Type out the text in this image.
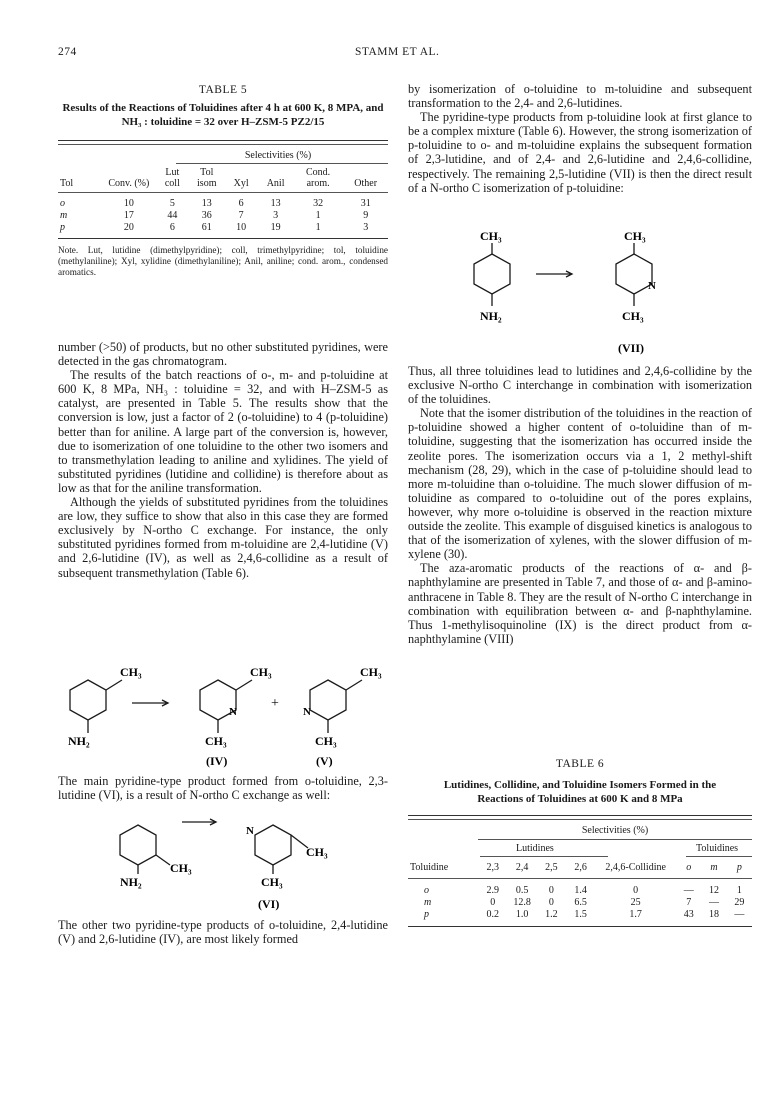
274	STAMM ET AL.
TABLE 5
Results of the Reactions of Toluidines after 4 h at 600 K, 8 MPA, and NH₃ : toluidine = 32 over H–ZSM-5 PZ2/15
Selectivities (%)
Tol	Conv. (%)	Lut coll	Tol isom	Xyl	Anil	Cond. arom.	Other

o	10	5	13	6	13	32	31
m	17	44	36	7	3	1	9
p	20	6	61	10	19	1	3
Note. Lut, lutidine (dimethylpyridine); coll, trimethylpyridine; tol, toluidine (methylaniline); Xyl, xylidine (dimethylaniline); Anil, aniline; cond. arom., condensed aromatics.

number (>50) of products, but no other substituted pyridines, were detected in the gas chromatogram.

The results of the batch reactions of o-, m- and p-toluidine at 600 K, 8 MPa, NH₃ : toluidine = 32, and with H–ZSM-5 as catalyst, are presented in Table 5. The results show that the conversion is low, just a factor of 2 (o-toluidine) to 4 (p-toluidine) better than for aniline. A large part of the conversion is, however, due to isomerization of one toluidine to the other two isomers and to transmethylation leading to aniline and xylidines. The yield of substituted pyridines (lutidine and collidine) is therefore about as low as that for the aniline transformation.

Although the yields of substituted pyridines from the toluidines are low, they suffice to show that also in this case they are formed exclusively by N-ortho C exchange. For instance, the only substituted pyridines formed from m-toluidine are 2,4-lutidine (V) and 2,6-lutidine (IV), as well as 2,4,6-collidine as a result of subsequent transmethylation (Table 6).

CH₃
NH₂
CH₃
N
CH₃
+
CH₃
N
CH₃
(IV)	(V)

The main pyridine-type product formed from o-toluidine, 2,3-lutidine (VI), is a result of N-ortho C exchange as well:

CH₃
NH₂
N
CH₃
CH₃
(VI)

The other two pyridine-type products of o-toluidine, 2,4-lutidine (V) and 2,6-lutidine (IV), are most likely formed

by isomerization of o-toluidine to m-toluidine and subsequent transformation to the 2,4- and 2,6-lutidines.

The pyridine-type products from p-toluidine look at first glance to be a complex mixture (Table 6). However, the strong isomerization of p-toluidine to o- and m-toluidine explains the subsequent formation of 2,3-lutidine, and of 2,4- and 2,6-lutidine and 2,4,6-collidine, respectively. The remaining 2,5-lutidine (VII) is then the direct result of a N-ortho C isomerization of p-toluidine:

CH₃
NH₂
CH₃
N
CH₃
(VII)

Thus, all three toluidines lead to lutidines and 2,4,6-collidine by the exclusive N-ortho C interchange in combination with isomerization of the toluidines.

Note that the isomer distribution of the toluidines in the reaction of p-toluidine showed a higher content of o-toluidine than of m-toluidine, suggesting that the isomerization has occurred inside the zeolite pores. The isomerization occurs via a 1, 2 methyl-shift mechanism (28, 29), which in the case of p-toluidine should lead to more m-toluidine than o-toluidine. The much slower diffusion of m-toluidine as compared to o-toluidine out of the pores explains, however, why more o-toluidine is observed in the reaction mixture outside the zeolite. This example of disguised kinetics is analogous to that of the isomerization of xylenes, with the slower diffusion of m-xylene (30).

The aza-aromatic products of the reactions of α- and β-naphthylamine are presented in Table 7, and those of α- and β-amino-anthracene in Table 8. They are the result of N-ortho C interchange in combination with equilibration between α- and β-naphthylamine. Thus 1-methylisoquinoline (IX) is the direct product from α-naphthylamine (VIII)

TABLE 6
Lutidines, Collidine, and Toluidine Isomers Formed in the Reactions of Toluidines at 600 K and 8 MPa
Selectivities (%)
Lutidines	Toluidines
Toluidine	2,3	2,4	2,5	2,6	2,4,6-Collidine	o	m	p

o	2.9	0.5	0	1.4	0	—	12	1
m	0	12.8	0	6.5	25	7	—	29
p	0.2	1.0	1.2	1.5	1.7	43	18	—
